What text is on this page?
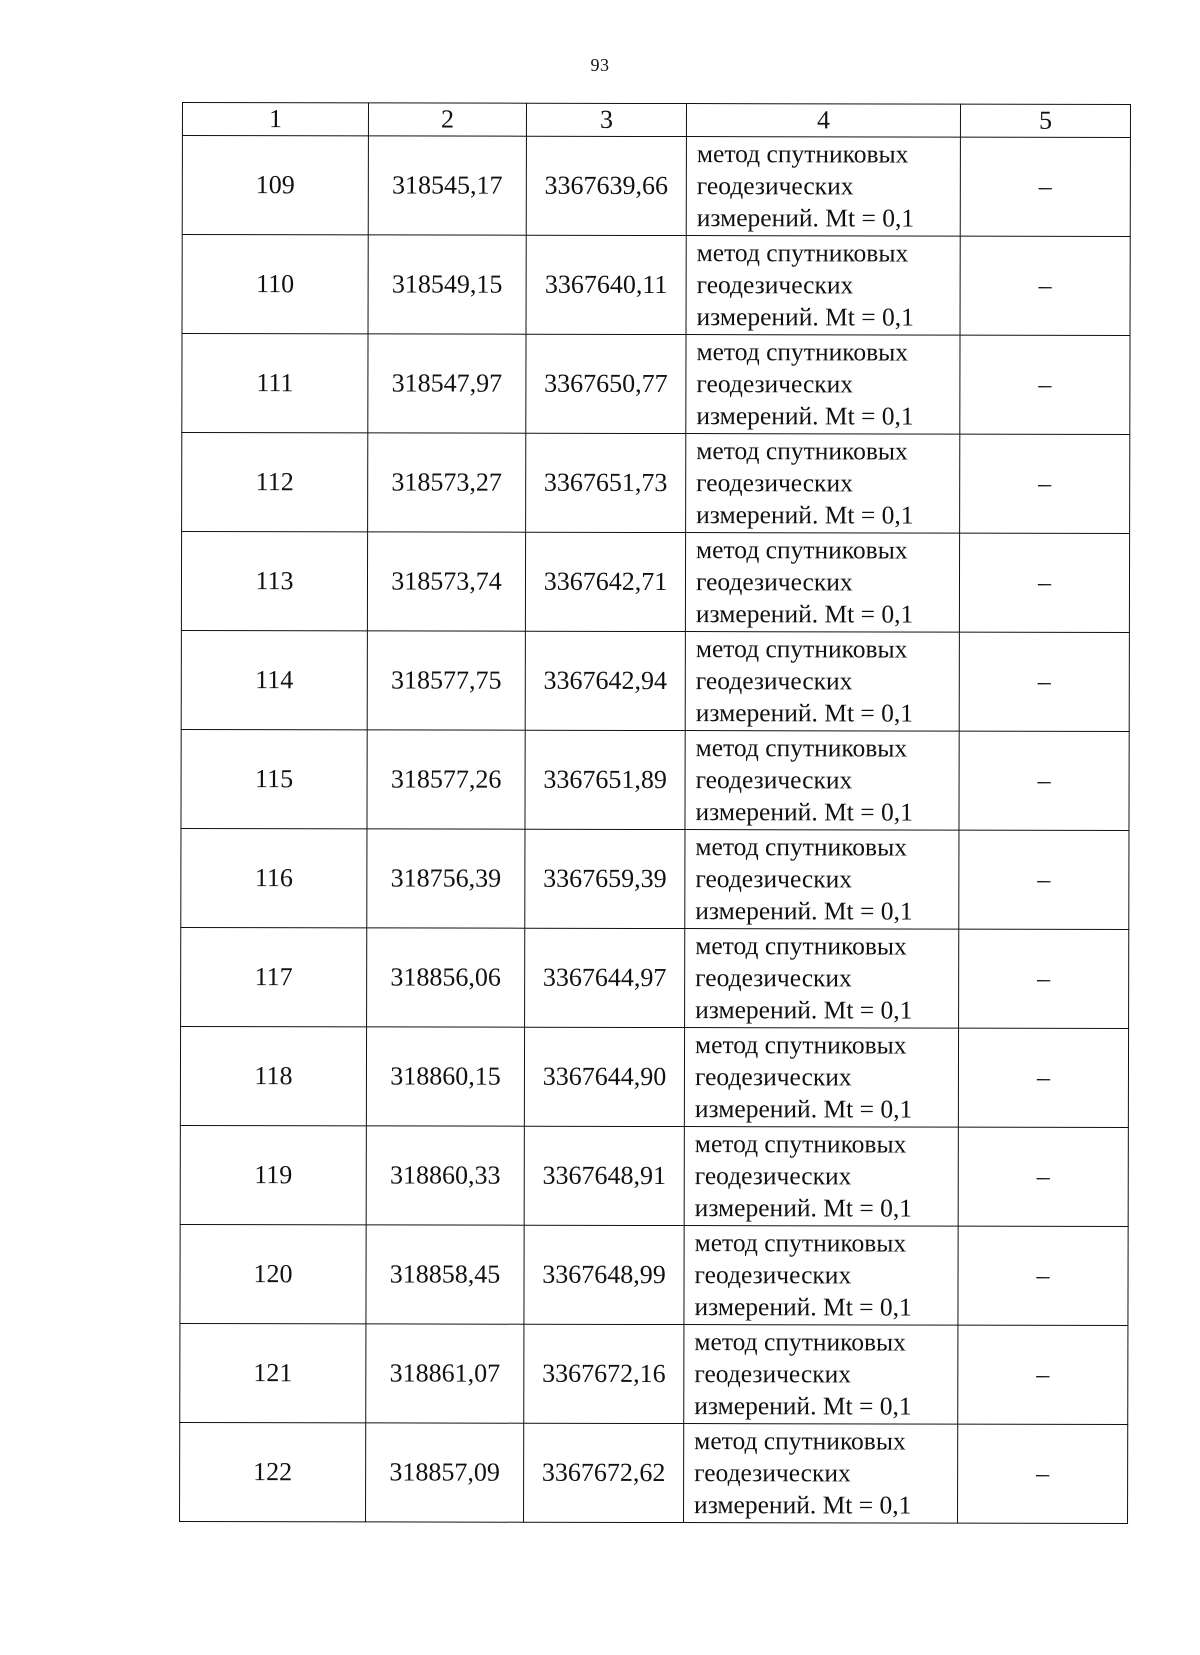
93
1	2	3	4	5
109	318545,17	3367639,66	метод спутниковых
геодезических
измерений. Mt = 0,1	–
110	318549,15	3367640,11	метод спутниковых
геодезических
измерений. Mt = 0,1	–
111	318547,97	3367650,77	метод спутниковых
геодезических
измерений. Mt = 0,1	–
112	318573,27	3367651,73	метод спутниковых
геодезических
измерений. Mt = 0,1	–
113	318573,74	3367642,71	метод спутниковых
геодезических
измерений. Mt = 0,1	–
114	318577,75	3367642,94	метод спутниковых
геодезических
измерений. Mt = 0,1	–
115	318577,26	3367651,89	метод спутниковых
геодезических
измерений. Mt = 0,1	–
116	318756,39	3367659,39	метод спутниковых
геодезических
измерений. Mt = 0,1	–
117	318856,06	3367644,97	метод спутниковых
геодезических
измерений. Mt = 0,1	–
118	318860,15	3367644,90	метод спутниковых
геодезических
измерений. Mt = 0,1	–
119	318860,33	3367648,91	метод спутниковых
геодезических
измерений. Mt = 0,1	–
120	318858,45	3367648,99	метод спутниковых
геодезических
измерений. Mt = 0,1	–
121	318861,07	3367672,16	метод спутниковых
геодезических
измерений. Mt = 0,1	–
122	318857,09	3367672,62	метод спутниковых
геодезических
измерений. Mt = 0,1	–
